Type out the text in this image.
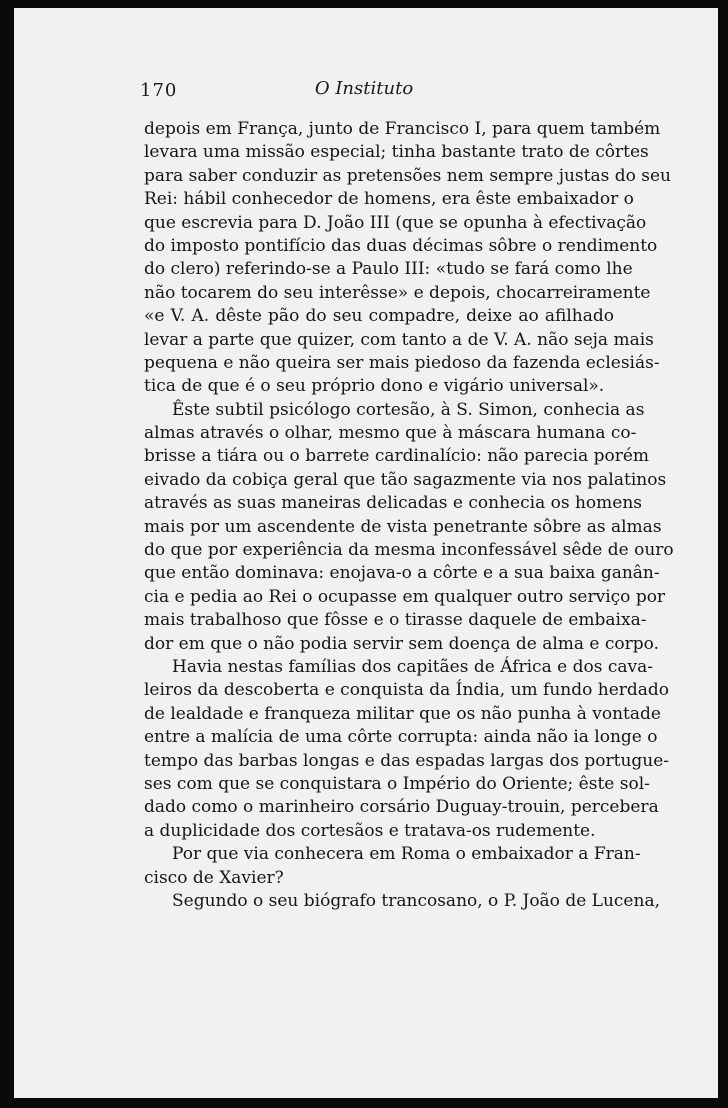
170	O Instituto
depois em França, junto de Francisco I, para quem também
levara uma missão especial; tinha bastante trato de côrtes
para saber conduzir as pretensões nem sempre justas do seu
Rei: hábil conhecedor de homens, era êste embaixador o
que escrevia para D. João III (que se opunha à efectivação
do imposto pontifício das duas décimas sôbre o rendimento
do clero) referindo-se a Paulo III: «tudo se fará como lhe
não tocarem do seu interêsse» e depois, chocarreiramente
«e V. A. dêste pão do seu compadre, deixe ao afilhado
levar a parte que quizer, com tanto a de V. A. não seja mais
pequena e não queira ser mais piedoso da fazenda eclesiás-
tica de que é o seu próprio dono e vigário universal».
Êste subtil psicólogo cortesão, à S. Simon, conhecia as
almas através o olhar, mesmo que à máscara humana co-
brisse a tiára ou o barrete cardinalício: não parecia porém
eivado da cobiça geral que tão sagazmente via nos palatinos
através as suas maneiras delicadas e conhecia os homens
mais por um ascendente de vista penetrante sôbre as almas
do que por experiência da mesma inconfessável sêde de ouro
que então dominava: enojava-o a côrte e a sua baixa ganân-
cia e pedia ao Rei o ocupasse em qualquer outro serviço por
mais trabalhoso que fôsse e o tirasse daquele de embaixa-
dor em que o não podia servir sem doença de alma e corpo.
Havia nestas famílias dos capitães de África e dos cava-
leiros da descoberta e conquista da Índia, um fundo herdado
de lealdade e franqueza militar que os não punha à vontade
entre a malícia de uma côrte corrupta: ainda não ia longe o
tempo das barbas longas e das espadas largas dos portugue-
ses com que se conquistara o Império do Oriente; êste sol-
dado como o marinheiro corsário Duguay-trouin, percebera
a duplicidade dos cortesãos e tratava-os rudemente.
Por que via conhecera em Roma o embaixador a Fran-
cisco de Xavier?
Segundo o seu biógrafo trancosano, o P. João de Lucena,
